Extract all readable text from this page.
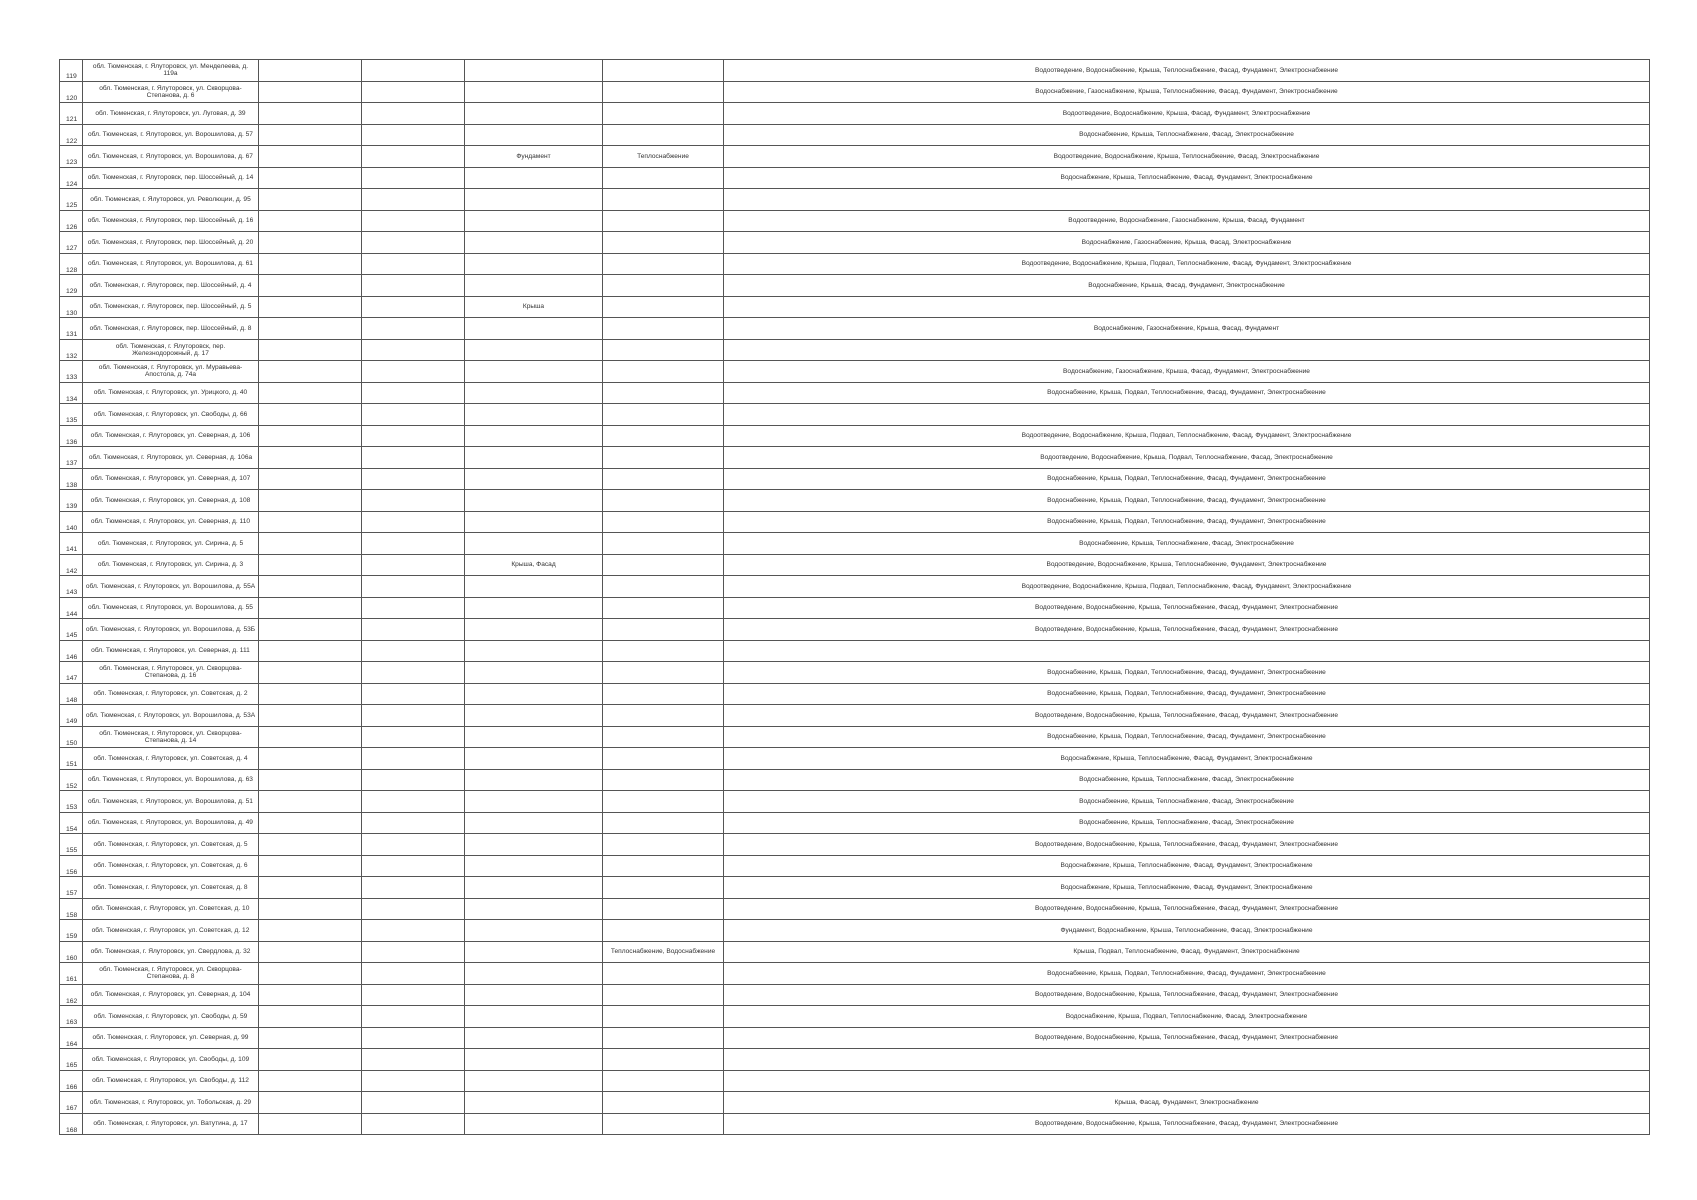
119	обл. Тюменская, г. Ялуторовск, ул. Менделеева, д. 119а					Водоотведение, Водоснабжение, Крыша, Теплоснабжение, Фасад, Фундамент, Электроснабжение
120	обл. Тюменская, г. Ялуторовск, ул. Скворцова-Степанова, д. 6					Водоснабжение, Газоснабжение, Крыша, Теплоснабжение, Фасад, Фундамент, Электроснабжение
121	обл. Тюменская, г. Ялуторовск, ул. Луговая, д. 39					Водоотведение, Водоснабжение, Крыша, Фасад, Фундамент, Электроснабжение
122	обл. Тюменская, г. Ялуторовск, ул. Ворошилова, д. 57					Водоснабжение, Крыша, Теплоснабжение, Фасад, Электроснабжение
123	обл. Тюменская, г. Ялуторовск, ул. Ворошилова, д. 67			Фундамент	Теплоснабжение	Водоотведение, Водоснабжение, Крыша, Теплоснабжение, Фасад, Электроснабжение
124	обл. Тюменская, г. Ялуторовск, пер. Шоссейный, д. 14					Водоснабжение, Крыша, Теплоснабжение, Фасад, Фундамент, Электроснабжение
125	обл. Тюменская, г. Ялуторовск, ул. Революции, д. 95					
126	обл. Тюменская, г. Ялуторовск, пер. Шоссейный, д. 16					Водоотведение, Водоснабжение, Газоснабжение, Крыша, Фасад, Фундамент
127	обл. Тюменская, г. Ялуторовск, пер. Шоссейный, д. 20					Водоснабжение, Газоснабжение, Крыша, Фасад, Электроснабжение
128	обл. Тюменская, г. Ялуторовск, ул. Ворошилова, д. 61					Водоотведение, Водоснабжение, Крыша, Подвал, Теплоснабжение, Фасад, Фундамент, Электроснабжение
129	обл. Тюменская, г. Ялуторовск, пер. Шоссейный, д. 4					Водоснабжение, Крыша, Фасад, Фундамент, Электроснабжение
130	обл. Тюменская, г. Ялуторовск, пер. Шоссейный, д. 5			Крыша		
131	обл. Тюменская, г. Ялуторовск, пер. Шоссейный, д. 8					Водоснабжение, Газоснабжение, Крыша, Фасад, Фундамент
132	обл. Тюменская, г. Ялуторовск, пер. Железнодорожный, д. 17					
133	обл. Тюменская, г. Ялуторовск, ул. Муравьева-Апостола, д. 74а					Водоснабжение, Газоснабжение, Крыша, Фасад, Фундамент, Электроснабжение
134	обл. Тюменская, г. Ялуторовск, ул. Урицкого, д. 40					Водоснабжение, Крыша, Подвал, Теплоснабжение, Фасад, Фундамент, Электроснабжение
135	обл. Тюменская, г. Ялуторовск, ул. Свободы, д. 66					
136	обл. Тюменская, г. Ялуторовск, ул. Северная, д. 106					Водоотведение, Водоснабжение, Крыша, Подвал, Теплоснабжение, Фасад, Фундамент, Электроснабжение
137	обл. Тюменская, г. Ялуторовск, ул. Северная, д. 106а					Водоотведение, Водоснабжение, Крыша, Подвал, Теплоснабжение, Фасад, Электроснабжение
138	обл. Тюменская, г. Ялуторовск, ул. Северная, д. 107					Водоснабжение, Крыша, Подвал, Теплоснабжение, Фасад, Фундамент, Электроснабжение
139	обл. Тюменская, г. Ялуторовск, ул. Северная, д. 108					Водоснабжение, Крыша, Подвал, Теплоснабжение, Фасад, Фундамент, Электроснабжение
140	обл. Тюменская, г. Ялуторовск, ул. Северная, д. 110					Водоснабжение, Крыша, Подвал, Теплоснабжение, Фасад, Фундамент, Электроснабжение
141	обл. Тюменская, г. Ялуторовск, ул. Сирина, д. 5					Водоснабжение, Крыша, Теплоснабжение, Фасад, Электроснабжение
142	обл. Тюменская, г. Ялуторовск, ул. Сирина, д. 3			Крыша, Фасад		Водоотведение, Водоснабжение, Крыша, Теплоснабжение, Фундамент, Электроснабжение
143	обл. Тюменская, г. Ялуторовск, ул. Ворошилова, д. 55А					Водоотведение, Водоснабжение, Крыша, Подвал, Теплоснабжение, Фасад, Фундамент, Электроснабжение
144	обл. Тюменская, г. Ялуторовск, ул. Ворошилова, д. 55					Водоотведение, Водоснабжение, Крыша, Теплоснабжение, Фасад, Фундамент, Электроснабжение
145	обл. Тюменская, г. Ялуторовск, ул. Ворошилова, д. 53Б					Водоотведение, Водоснабжение, Крыша, Теплоснабжение, Фасад, Фундамент, Электроснабжение
146	обл. Тюменская, г. Ялуторовск, ул. Северная, д. 111					
147	обл. Тюменская, г. Ялуторовск, ул. Скворцова-Степанова, д. 16					Водоснабжение, Крыша, Подвал, Теплоснабжение, Фасад, Фундамент, Электроснабжение
148	обл. Тюменская, г. Ялуторовск, ул. Советская, д. 2					Водоснабжение, Крыша, Подвал, Теплоснабжение, Фасад, Фундамент, Электроснабжение
149	обл. Тюменская, г. Ялуторовск, ул. Ворошилова, д. 53А					Водоотведение, Водоснабжение, Крыша, Теплоснабжение, Фасад, Фундамент, Электроснабжение
150	обл. Тюменская, г. Ялуторовск, ул. Скворцова-Степанова, д. 14					Водоснабжение, Крыша, Подвал, Теплоснабжение, Фасад, Фундамент, Электроснабжение
151	обл. Тюменская, г. Ялуторовск, ул. Советская, д. 4					Водоснабжение, Крыша, Теплоснабжение, Фасад, Фундамент, Электроснабжение
152	обл. Тюменская, г. Ялуторовск, ул. Ворошилова, д. 63					Водоснабжение, Крыша, Теплоснабжение, Фасад, Электроснабжение
153	обл. Тюменская, г. Ялуторовск, ул. Ворошилова, д. 51					Водоснабжение, Крыша, Теплоснабжение, Фасад, Электроснабжение
154	обл. Тюменская, г. Ялуторовск, ул. Ворошилова, д. 49					Водоснабжение, Крыша, Теплоснабжение, Фасад, Электроснабжение
155	обл. Тюменская, г. Ялуторовск, ул. Советская, д. 5					Водоотведение, Водоснабжение, Крыша, Теплоснабжение, Фасад, Фундамент, Электроснабжение
156	обл. Тюменская, г. Ялуторовск, ул. Советская, д. 6					Водоснабжение, Крыша, Теплоснабжение, Фасад, Фундамент, Электроснабжение
157	обл. Тюменская, г. Ялуторовск, ул. Советская, д. 8					Водоснабжение, Крыша, Теплоснабжение, Фасад, Фундамент, Электроснабжение
158	обл. Тюменская, г. Ялуторовск, ул. Советская, д. 10					Водоотведение, Водоснабжение, Крыша, Теплоснабжение, Фасад, Фундамент, Электроснабжение
159	обл. Тюменская, г. Ялуторовск, ул. Советская, д. 12					Фундамент, Водоснабжение, Крыша, Теплоснабжение, Фасад, Электроснабжение
160	обл. Тюменская, г. Ялуторовск, ул. Свердлова, д. 32				Теплоснабжение, Водоснабжение	Крыша, Подвал, Теплоснабжение, Фасад, Фундамент, Электроснабжение
161	обл. Тюменская, г. Ялуторовск, ул. Скворцова-Степанова, д. 8					Водоснабжение, Крыша, Подвал, Теплоснабжение, Фасад, Фундамент, Электроснабжение
162	обл. Тюменская, г. Ялуторовск, ул. Северная, д. 104					Водоотведение, Водоснабжение, Крыша, Теплоснабжение, Фасад, Фундамент, Электроснабжение
163	обл. Тюменская, г. Ялуторовск, ул. Свободы, д. 59					Водоснабжение, Крыша, Подвал, Теплоснабжение, Фасад, Электроснабжение
164	обл. Тюменская, г. Ялуторовск, ул. Северная, д. 99					Водоотведение, Водоснабжение, Крыша, Теплоснабжение, Фасад, Фундамент, Электроснабжение
165	обл. Тюменская, г. Ялуторовск, ул. Свободы, д. 109					
166	обл. Тюменская, г. Ялуторовск, ул. Свободы, д. 112					
167	обл. Тюменская, г. Ялуторовск, ул. Тобольская, д. 29					Крыша, Фасад, Фундамент, Электроснабжение
168	обл. Тюменская, г. Ялуторовск, ул. Ватутина, д. 17					Водоотведение, Водоснабжение, Крыша, Теплоснабжение, Фасад, Фундамент, Электроснабжение
